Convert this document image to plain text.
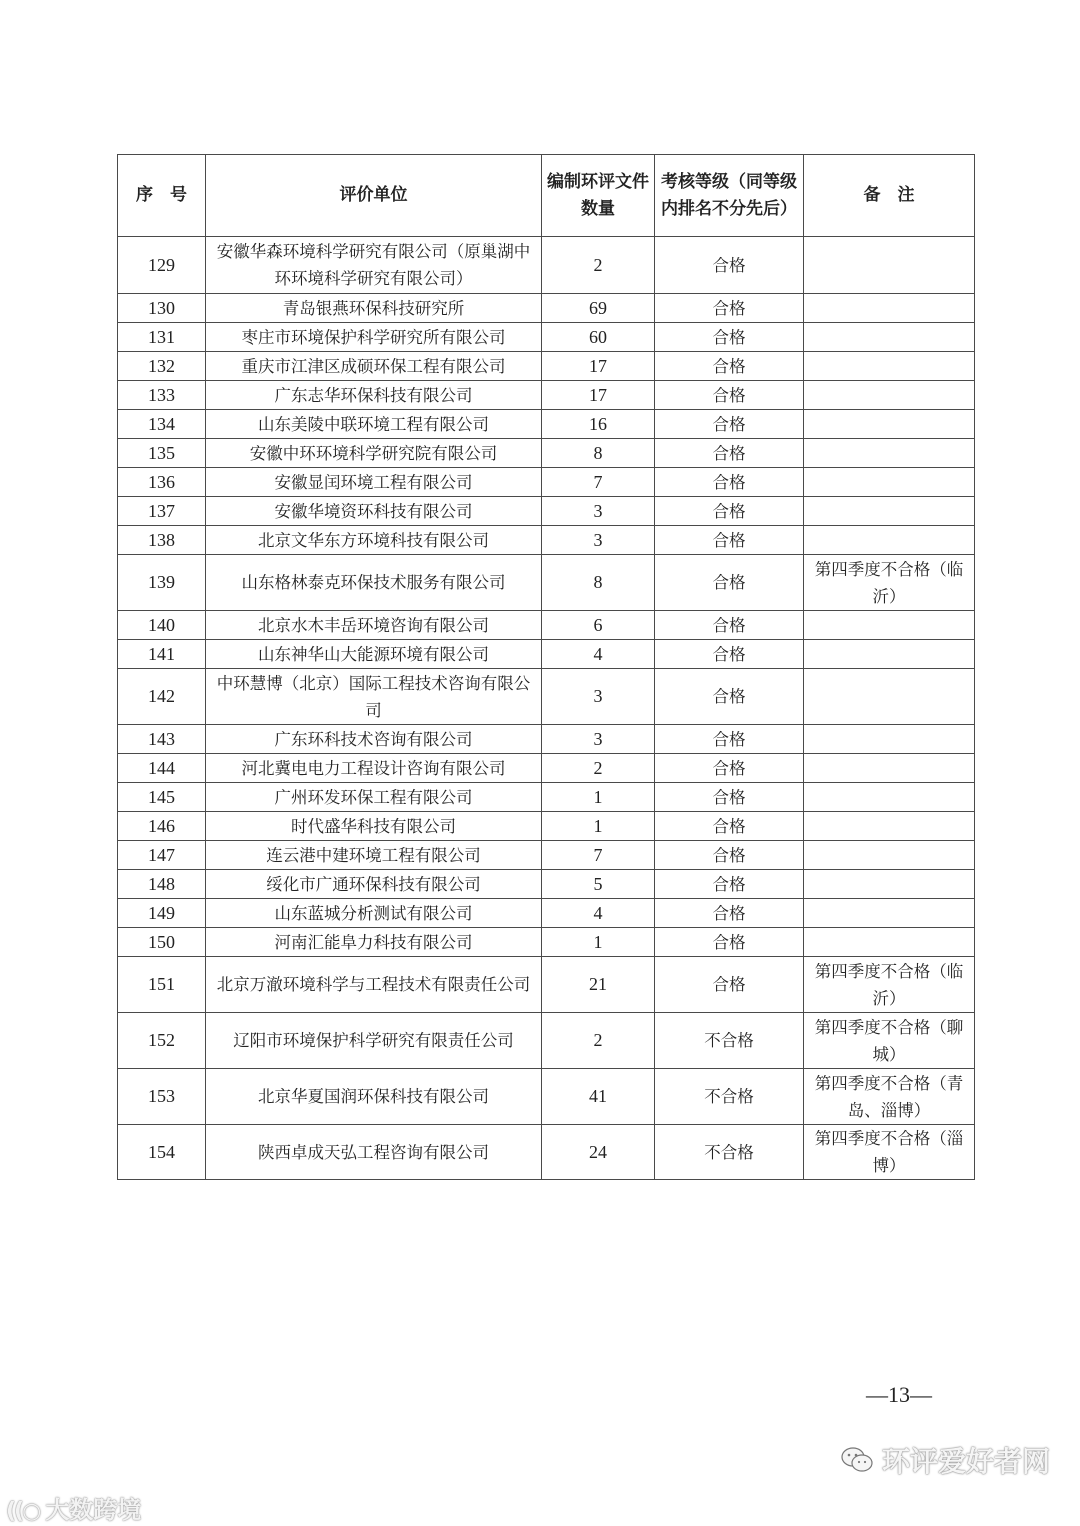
序　号	评价单位	编制环评文件数量	考核等级（同等级内排名不分先后）	备　注
129	安徽华森环境科学研究有限公司（原巢湖中环环境科学研究有限公司）	2	合格	
130	青岛银燕环保科技研究所	69	合格	
131	枣庄市环境保护科学研究所有限公司	60	合格	
132	重庆市江津区成硕环保工程有限公司	17	合格	
133	广东志华环保科技有限公司	17	合格	
134	山东美陵中联环境工程有限公司	16	合格	
135	安徽中环环境科学研究院有限公司	8	合格	
136	安徽显闰环境工程有限公司	7	合格	
137	安徽华境资环科技有限公司	3	合格	
138	北京文华东方环境科技有限公司	3	合格	
139	山东格林泰克环保技术服务有限公司	8	合格	第四季度不合格（临沂）
140	北京水木丰岳环境咨询有限公司	6	合格	
141	山东神华山大能源环境有限公司	4	合格	
142	中环慧博（北京）国际工程技术咨询有限公司	3	合格	
143	广东环科技术咨询有限公司	3	合格	
144	河北冀电电力工程设计咨询有限公司	2	合格	
145	广州环发环保工程有限公司	1	合格	
146	时代盛华科技有限公司	1	合格	
147	连云港中建环境工程有限公司	7	合格	
148	绥化市广通环保科技有限公司	5	合格	
149	山东蓝城分析测试有限公司	4	合格	
150	河南汇能阜力科技有限公司	1	合格	
151	北京万澈环境科学与工程技术有限责任公司	21	合格	第四季度不合格（临沂）
152	辽阳市环境保护科学研究有限责任公司	2	不合格	第四季度不合格（聊城）
153	北京华夏国润环保科技有限公司	41	不合格	第四季度不合格（青岛、淄博）
154	陕西卓成天弘工程咨询有限公司	24	不合格	第四季度不合格（淄博）
—13—
((○ 大数跨境
环评爱好者网
